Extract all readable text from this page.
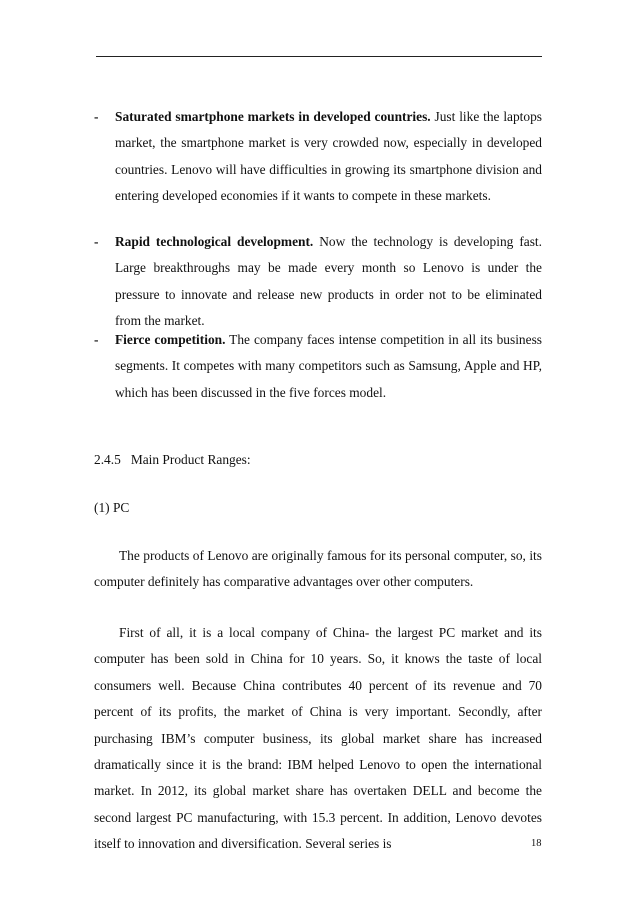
- Saturated smartphone markets in developed countries. Just like the laptops market, the smartphone market is very crowded now, especially in developed countries. Lenovo will have difficulties in growing its smartphone division and entering developed economies if it wants to compete in these markets.
- Rapid technological development. Now the technology is developing fast. Large breakthroughs may be made every month so Lenovo is under the pressure to innovate and release new products in order not to be eliminated from the market.
- Fierce competition. The company faces intense competition in all its business segments. It competes with many competitors such as Samsung, Apple and HP, which has been discussed in the five forces model.
2.4.5   Main Product Ranges:
(1) PC
The products of Lenovo are originally famous for its personal computer, so, its computer definitely has comparative advantages over other computers.
First of all, it is a local company of China- the largest PC market and its computer has been sold in China for 10 years. So, it knows the taste of local consumers well. Because China contributes 40 percent of its revenue and 70 percent of its profits, the market of China is very important. Secondly, after purchasing IBM’s computer business, its global market share has increased dramatically since it is the brand: IBM helped Lenovo to open the international market. In 2012, its global market share has overtaken DELL and become the second largest PC manufacturing, with 15.3 percent. In addition, Lenovo devotes itself to innovation and diversification. Several series is	18
